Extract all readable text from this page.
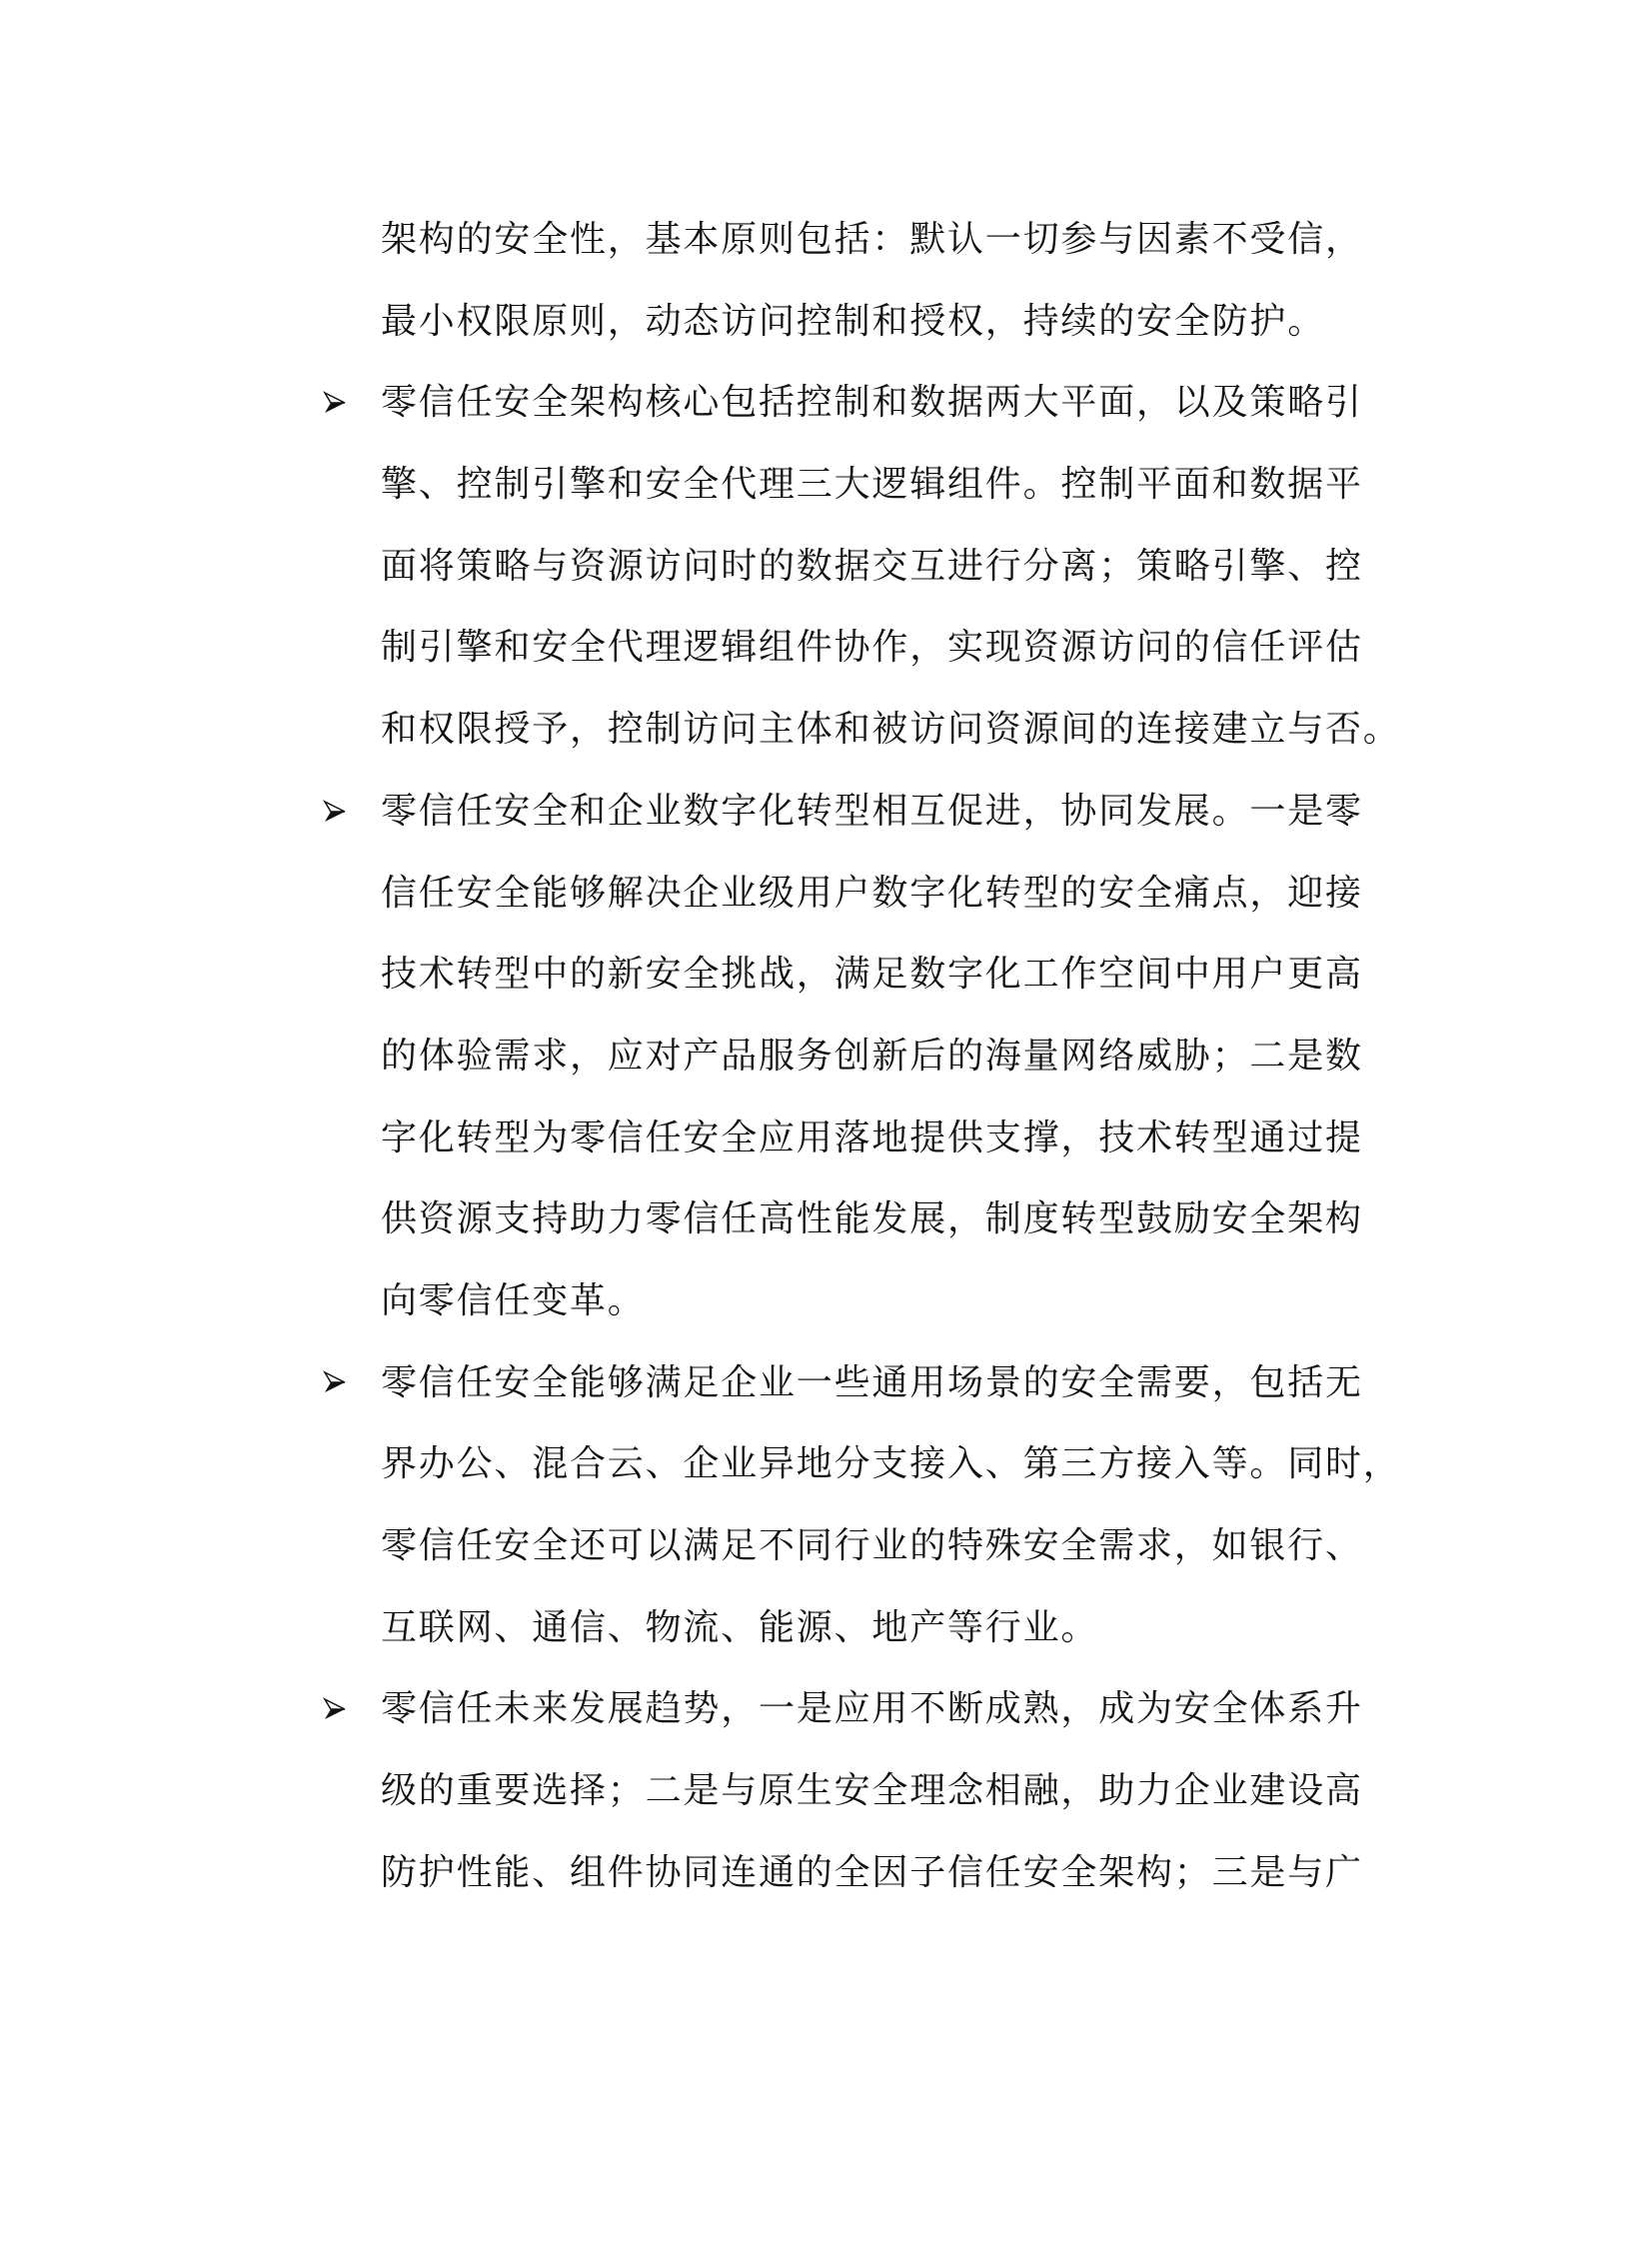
架构的安全性，基本原则包括：默认一切参与因素不受信，
最小权限原则，动态访问控制和授权，持续的安全防护。
零信任安全架构核心包括控制和数据两大平面，以及策略引
擎、控制引擎和安全代理三大逻辑组件。控制平面和数据平
面将策略与资源访问时的数据交互进行分离；策略引擎、控
制引擎和安全代理逻辑组件协作，实现资源访问的信任评估
和权限授予，控制访问主体和被访问资源间的连接建立与否。
零信任安全和企业数字化转型相互促进，协同发展。一是零
信任安全能够解决企业级用户数字化转型的安全痛点，迎接
技术转型中的新安全挑战，满足数字化工作空间中用户更高
的体验需求，应对产品服务创新后的海量网络威胁；二是数
字化转型为零信任安全应用落地提供支撑，技术转型通过提
供资源支持助力零信任高性能发展，制度转型鼓励安全架构
向零信任变革。
零信任安全能够满足企业一些通用场景的安全需要，包括无
界办公、混合云、企业异地分支接入、第三方接入等。同时，
零信任安全还可以满足不同行业的特殊安全需求，如银行、
互联网、通信、物流、能源、地产等行业。
零信任未来发展趋势，一是应用不断成熟，成为安全体系升
级的重要选择；二是与原生安全理念相融，助力企业建设高
防护性能、组件协同连通的全因子信任安全架构；三是与广
